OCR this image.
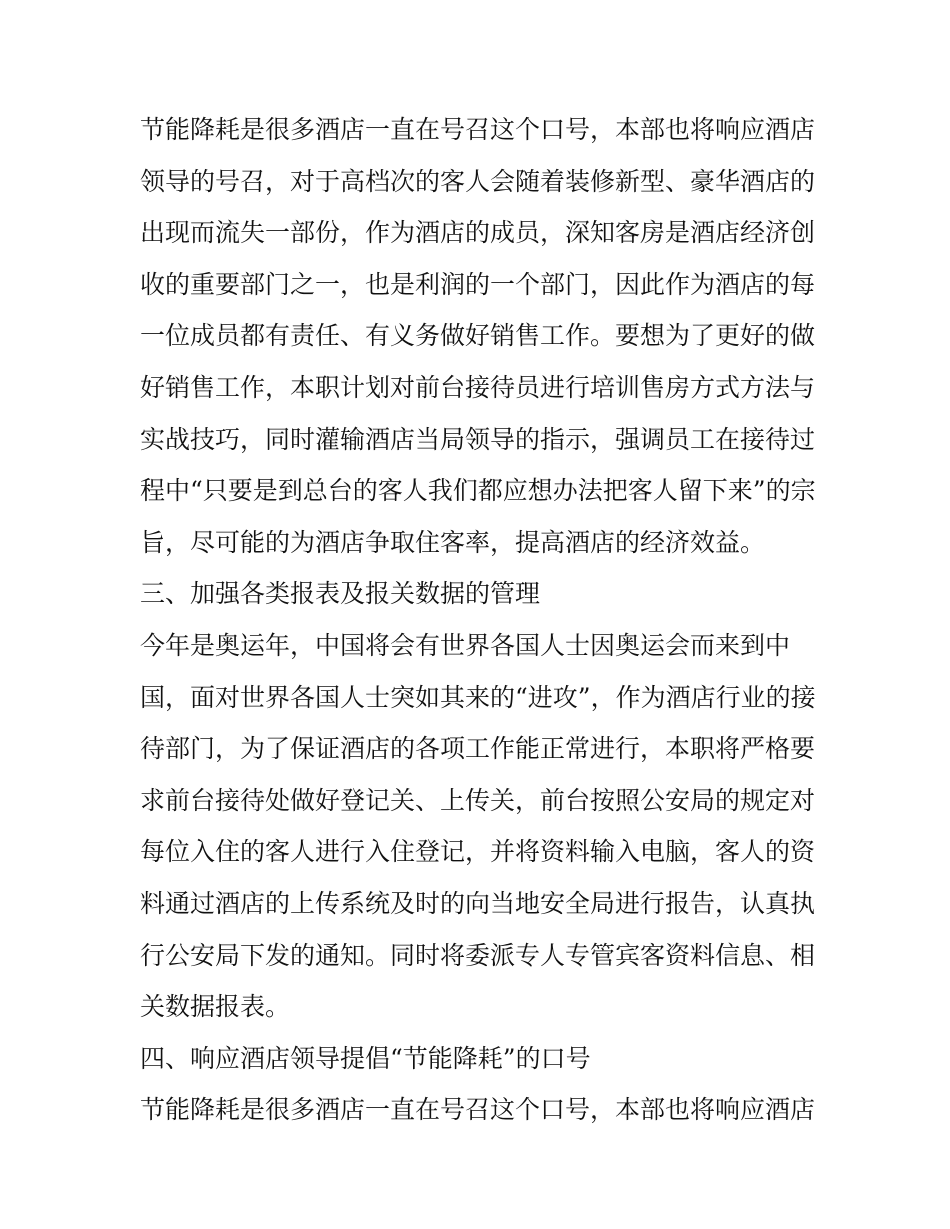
节能降耗是很多酒店一直在号召这个口号，本部也将响应酒店
领导的号召，对于高档次的客人会随着装修新型、豪华酒店的
出现而流失一部份，作为酒店的成员，深知客房是酒店经济创
收的重要部门之一，也是利润的一个部门，因此作为酒店的每
一位成员都有责任、有义务做好销售工作。要想为了更好的做
好销售工作，本职计划对前台接待员进行培训售房方式方法与
实战技巧，同时灌输酒店当局领导的指示，强调员工在接待过
程中“只要是到总台的客人我们都应想办法把客人留下来”的宗
旨，尽可能的为酒店争取住客率，提高酒店的经济效益。
三、加强各类报表及报关数据的管理
今年是奥运年，中国将会有世界各国人士因奥运会而来到中
国，面对世界各国人士突如其来的“进攻”，作为酒店行业的接
待部门，为了保证酒店的各项工作能正常进行，本职将严格要
求前台接待处做好登记关、上传关，前台按照公安局的规定对
每位入住的客人进行入住登记，并将资料输入电脑，客人的资
料通过酒店的上传系统及时的向当地安全局进行报告，认真执
行公安局下发的通知。同时将委派专人专管宾客资料信息、相
关数据报表。
四、响应酒店领导提倡“节能降耗”的口号
节能降耗是很多酒店一直在号召这个口号，本部也将响应酒店
